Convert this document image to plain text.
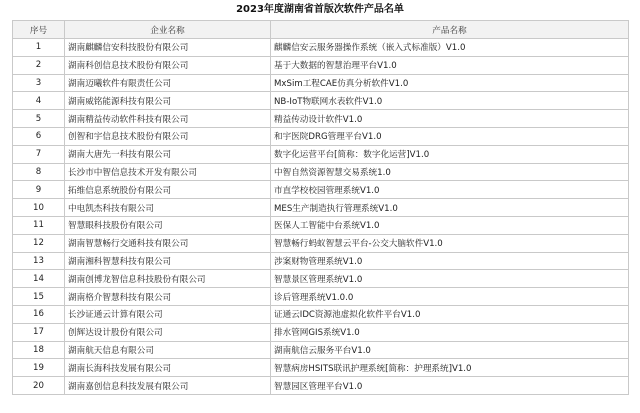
2023年度湖南省首版次软件产品名单
序号	企业名称	产品名称
1	湖南麒麟信安科技股份有限公司	麒麟信安云服务器操作系统（嵌入式标准版）V1.0
2	湖南科创信息技术股份有限公司	基于大数据的智慧治理平台V1.0
3	湖南迈曦软件有限责任公司	MxSim工程CAE仿真分析软件V1.0
4	湖南威铭能源科技有限公司	NB-IoT物联网水表软件V1.0
5	湖南精益传动软件科技有限公司	精益传动设计软件V1.0
6	创智和宇信息技术股份有限公司	和宇医院DRG管理平台V1.0
7	湖南大唐先一科技有限公司	数字化运营平台[简称：数字化运营]V1.0
8	长沙市中智信息技术开发有限公司	中智自然资源智慧交易系统1.0
9	拓维信息系统股份有限公司	市直学校校园管理系统V1.0
10	中电凯杰科技有限公司	MES生产制造执行管理系统V1.0
11	智慧眼科技股份有限公司	医保人工智能中台系统V1.0
12	湖南智慧畅行交通科技有限公司	智慧畅行蚂蚁智慧云平台-公交大脑软件V1.0
13	湖南湘科智慧科技有限公司	涉案财物管理系统V1.0
14	湖南创博龙智信息科技股份有限公司	智慧景区管理系统V1.0
15	湖南格介智慧科技有限公司	诊后管理系统V1.0.0
16	长沙证通云计算有限公司	证通云IDC资源池虚拟化软件平台V1.0
17	创辉达设计股份有限公司	排水管网GIS系统V1.0
18	湖南航天信息有限公司	湖南航信云服务平台V1.0
19	湖南长海科技发展有限公司	智慧病房HSITS联讯护理系统[简称：护理系统]V1.0
20	湖南嘉创信息科技发展有限公司	智慧园区管理平台V1.0
